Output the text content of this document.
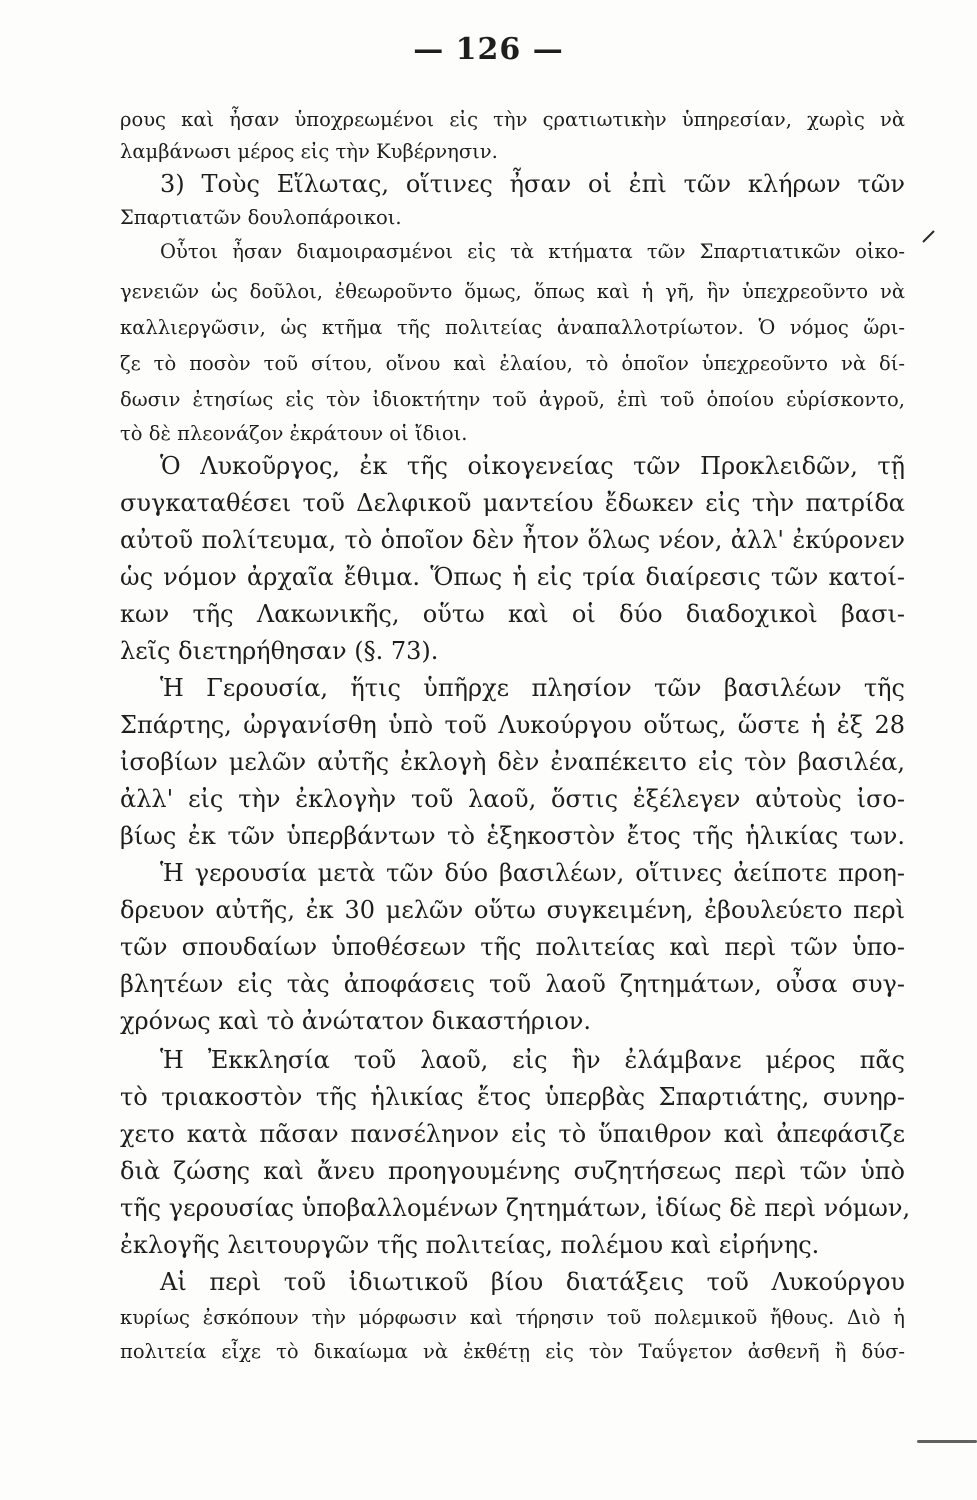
— 126 —
ρους καὶ ἦσαν ὑποχρεωμένοι εἰς τὴν ςρατιωτικὴν ὑπηρεσίαν, χωρὶς νὰ
λαμβάνωσι μέρος εἰς τὴν Κυβέρνησιν.
3) Τοὺς Εἵλωτας, οἵτινες ἦσαν οἱ ἐπὶ τῶν κλήρων τῶν
Σπαρτιατῶν δουλοπάροικοι.
Οὗτοι ἦσαν διαμοιρασμένοι εἰς τὰ κτήματα τῶν Σπαρτιατικῶν οἰκο-
γενειῶν ὡς δοῦλοι, ἐθεωροῦντο ὅμως, ὅπως καὶ ἡ γῆ, ἣν ὑπεχρεοῦντο νὰ
καλλιεργῶσιν, ὡς κτῆμα τῆς πολιτείας ἀναπαλλοτρίωτον. Ὁ νόμος ὥρι-
ζε τὸ ποσὸν τοῦ σίτου, οἴνου καὶ ἐλαίου, τὸ ὁποῖον ὑπεχρεοῦντο νὰ δί-
δωσιν ἐτησίως εἰς τὸν ἰδιοκτήτην τοῦ ἀγροῦ, ἐπὶ τοῦ ὁποίου εὑρίσκοντο,
τὸ δὲ πλεονάζον ἐκράτουν οἱ ἴδιοι.
Ὁ Λυκοῦργος, ἐκ τῆς οἰκογενείας τῶν Προκλειδῶν, τῇ
συγκαταθέσει τοῦ Δελφικοῦ μαντείου ἔδωκεν εἰς τὴν πατρίδα
αὐτοῦ πολίτευμα, τὸ ὁποῖον δὲν ἦτον ὅλως νέον, ἀλλ' ἐκύρονεν
ὡς νόμον ἀρχαῖα ἔθιμα. Ὅπως ἡ εἰς τρία διαίρεσις τῶν κατοί-
κων τῆς Λακωνικῆς, οὕτω καὶ οἱ δύο διαδοχικοὶ βασι-
λεῖς διετηρήθησαν (§. 73).
Ἡ Γερουσία, ἥτις ὑπῆρχε πλησίον τῶν βασιλέων τῆς
Σπάρτης, ὠργανίσθη ὑπὸ τοῦ Λυκούργου οὕτως, ὥστε ἡ ἐξ 28
ἰσοβίων μελῶν αὐτῆς ἐκλογὴ δὲν ἐναπέκειτο εἰς τὸν βασιλέα,
ἀλλ' εἰς τὴν ἐκλογὴν τοῦ λαοῦ, ὅστις ἐξέλεγεν αὐτοὺς ἰσο-
βίως ἐκ τῶν ὑπερβάντων τὸ ἑξηκοστὸν ἔτος τῆς ἡλικίας των.
Ἡ γερουσία μετὰ τῶν δύο βασιλέων, οἵτινες ἀείποτε προη-
δρευον αὐτῆς, ἐκ 30 μελῶν οὕτω συγκειμένη, ἐβουλεύετο περὶ
τῶν σπουδαίων ὑποθέσεων τῆς πολιτείας καὶ περὶ τῶν ὑπο-
βλητέων εἰς τὰς ἀποφάσεις τοῦ λαοῦ ζητημάτων, οὖσα συγ-
χρόνως καὶ τὸ ἀνώτατον δικαστήριον.
Ἡ Ἐκκλησία τοῦ λαοῦ, εἰς ἣν ἐλάμβανε μέρος πᾶς
τὸ τριακοστὸν τῆς ἡλικίας ἔτος ὑπερβὰς Σπαρτιάτης, συνηρ-
χετο κατὰ πᾶσαν πανσέληνον εἰς τὸ ὕπαιθρον καὶ ἀπεφάσιζε
διὰ ζώσης καὶ ἄνευ προηγουμένης συζητήσεως περὶ τῶν ὑπὸ
τῆς γερουσίας ὑποβαλλομένων ζητημάτων, ἰδίως δὲ περὶ νόμων,
ἐκλογῆς λειτουργῶν τῆς πολιτείας, πολέμου καὶ εἰρήνης.
Αἱ περὶ τοῦ ἰδιωτικοῦ βίου διατάξεις τοῦ Λυκούργου
κυρίως ἐσκόπουν τὴν μόρφωσιν καὶ τήρησιν τοῦ πολεμικοῦ ἤθους. Διὸ ἡ
πολιτεία εἶχε τὸ δικαίωμα νὰ ἐκθέτῃ εἰς τὸν Ταΰγετον ἀσθενῆ ἢ δύσ-
